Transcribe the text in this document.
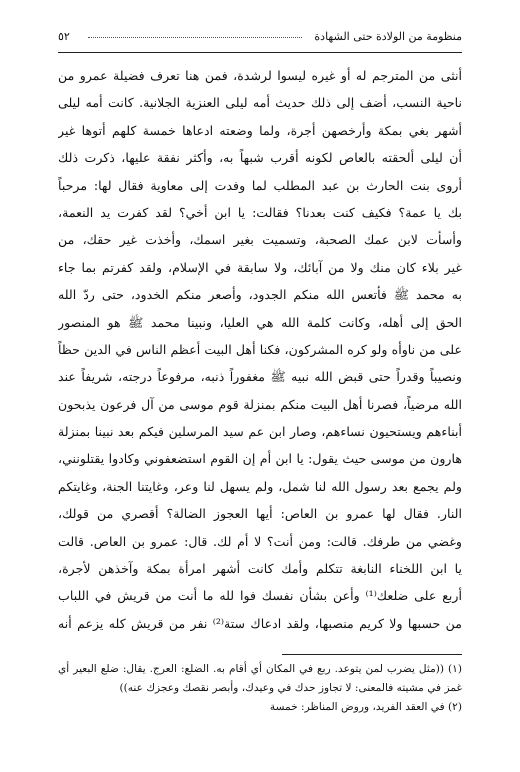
منظومة من الولادة حتى الشهادة
٥٢
أنثى من المترجم له أو غيره ليسوا لرشدة، فمن هنا تعرف فضيلة عمرو من
ناحية النسب، أضف إلى ذلك حديث أمه ليلى العنزية الجلانية. كانت أمه ليلى
أشهر بغي بمكة وأرخصهن أجرة، ولما وضعته ادعاها خمسة كلهم أتوها غير
أن ليلى ألحقته بالعاص لكونه أقرب شبهاً به، وأكثر نفقة عليها، ذكرت ذلك
أروى بنت الحارث بن عبد المطلب لما وفدت إلى معاوية فقال لها: مرحباً
بك يا عمة؟ فكيف كنت بعدنا؟ فقالت: يا ابن أخي؟ لقد كفرت يد النعمة،
وأسأت لابن عمك الصحبة، وتسميت بغير اسمك، وأخذت غير حقك، من
غير بلاء كان منك ولا من آبائك، ولا سابقة في الإسلام، ولقد كفرتم بما جاء
به محمد ﷺ فأتعس الله منكم الجدود، وأصعر منكم الخدود، حتى ردّ الله
الحق إلى أهله، وكانت كلمة الله هي العليا، ونبينا محمد ﷺ هو المنصور
على من ناوأه ولو كره المشركون، فكنا أهل البيت أعظم الناس في الدين حظاً
ونصيباً وقدراً حتى قبض الله نبيه ﷺ مغفوراً ذنبه، مرفوعاً درجته، شريفاً عند
الله مرضياً، فصرنا أهل البيت منكم بمنزلة قوم موسى من آل فرعون يذبحون
أبناءهم ويستحيون نساءهم، وصار ابن عم سيد المرسلين فيكم بعد نبينا بمنزلة
هارون من موسى حيث يقول: يا ابن أم إن القوم استضعفوني وكادوا يقتلونني،
ولم يجمع بعد رسول الله لنا شمل، ولم يسهل لنا وعر، وغايتنا الجنة، وغايتكم
النار. فقال لها عمرو بن العاص: أيها العجوز الضالة؟ أقصري من قولك،
وغضي من طرفك. قالت: ومن أنت؟ لا أم لك. قال: عمرو بن العاص. قالت
يا ابن اللخناء النابغة تتكلم وأمك كانت أشهر امرأة بمكة وآخذهن لأجرة،
أربع على ضلعك⁽¹⁾ وأعن بشأن نفسك فوا لله ما أنت من قريش في اللباب
من حسبها ولا كريم منصبها، ولقد ادعاك ستة⁽²⁾ نفر من قريش كله يزعم أنه
(١) ((مثل يضرب لمن يتوعد. ربع في المكان أي أقام به. الضلع: العرج. يقال: ضلع البعير أي
غمز في مشيته فالمعنى: لا تجاوز حدك في وعيدك، وأبصر نقصك وعجزك عنه))
(٢) في العقد الفريد، وروض المناظر: خمسة
